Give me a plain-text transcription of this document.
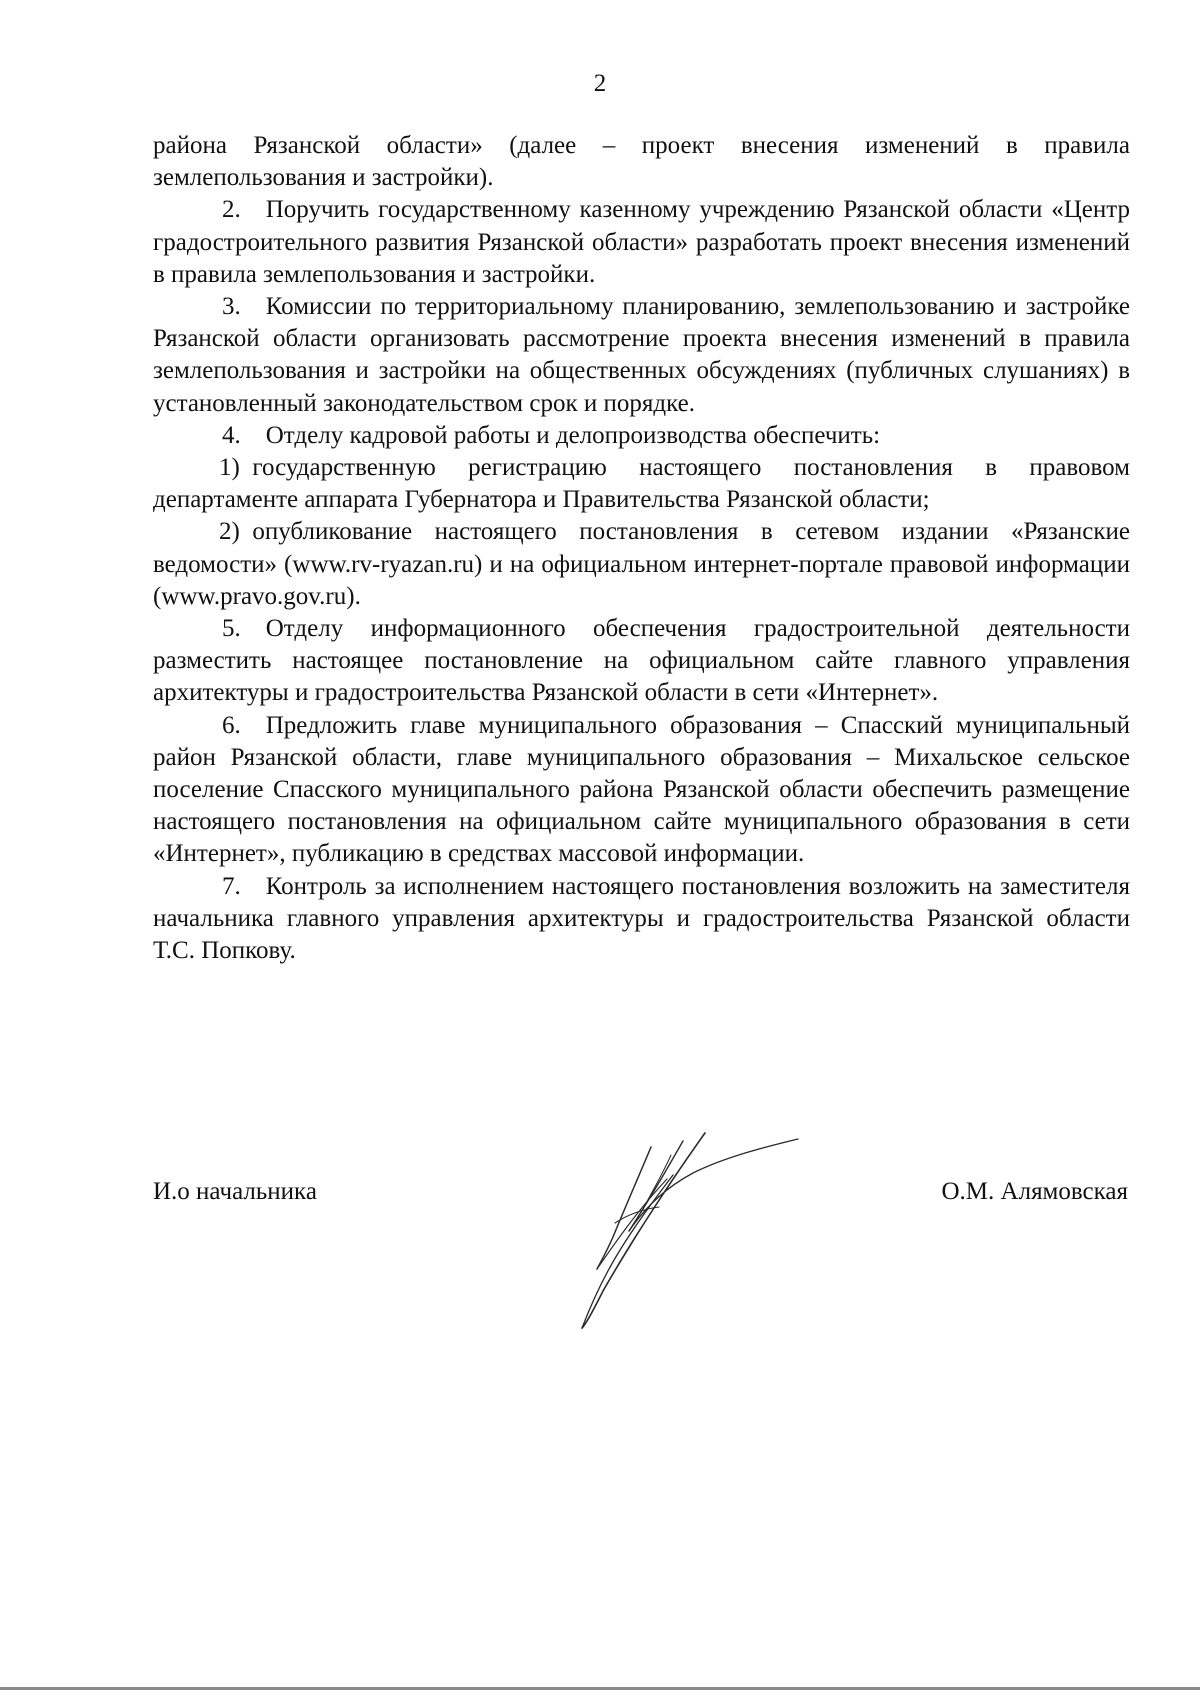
2

района Рязанской области» (далее – проект внесения изменений в правила землепользования и застройки).

2. Поручить государственному казенному учреждению Рязанской области «Центр градостроительного развития Рязанской области» разработать проект внесения изменений в правила землепользования и застройки.

3. Комиссии по территориальному планированию, землепользованию и застройке Рязанской области организовать рассмотрение проекта внесения изменений в правила землепользования и застройки на общественных обсуждениях (публичных слушаниях) в установленный законодательством срок и порядке.

4. Отделу кадровой работы и делопроизводства обеспечить:

1) государственную регистрацию настоящего постановления в правовом департаменте аппарата Губернатора и Правительства Рязанской области;

2) опубликование настоящего постановления в сетевом издании «Рязанские ведомости» (www.rv-ryazan.ru) и на официальном интернет-портале правовой информации (www.pravo.gov.ru).

5. Отделу информационного обеспечения градостроительной деятельности разместить настоящее постановление на официальном сайте главного управления архитектуры и градостроительства Рязанской области в сети «Интернет».

6. Предложить главе муниципального образования – Спасский муниципальный район Рязанской области, главе муниципального образования – Михальское сельское поселение Спасского муниципального района Рязанской области обеспечить размещение настоящего постановления на официальном сайте муниципального образования в сети «Интернет», публикацию в средствах массовой информации.

7. Контроль за исполнением настоящего постановления возложить на заместителя начальника главного управления архитектуры и градостроительства Рязанской области Т.С. Попкову.

И.о начальника	О.М. Алямовская
